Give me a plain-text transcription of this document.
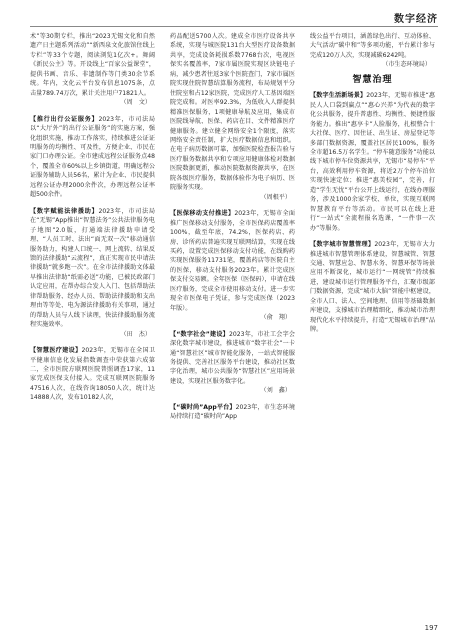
数字经济

术”等30期专栏，推出“2023无锡文化和自然遗产日主题系列活动”“新西泉文化旅馆住线上专栏”等33个专题，阅读浏览1亿次+。舞阔《新民公主》等。开设线上“百家公益课堂”，提供书画、音乐、非遗制作等门类30余节系统。年内，文化云平台发布信息1075条，点击量789.74万次，累计关注用户71821人。

（周　文）

【推行出行公证服务】2023年，市司法局以“大厅外”的出行公证服务”的实施方案，强化组织实施，推动工作落实，持续推进公证证明服务的均衡性、可及性，方便企业、市民在家门口办理公证。全市建成远程公证服务点48个，覆盖全市60%以上乡镇街道，明确远程公证服务辅助人员56名，累计为企业、市民提供远程公证办理2000余件次，办理远程公证率超500余件。

【数字赋能法律援助】2023年，市司法局在“无锡”App推出“智慧法务”公共法律服务电子地图”2.0版，打通端法律援助申请受理、“人员工时、法出“面无双一次”移动通信服务助力，构建人口统一、网上流转、结果反馈的法律援助“云流程”，真正实现市民申请法律援助“就多跑一次”。在全市法律援助文体最早推出法律助“纸需必送”功能，已被民政部门认定应用，在帮办综合发人入门、包括帮助法律帮助服务、经办人员、帮助法律援助和支出理由等等处、电为源法律援助有关事项，通过的帮助人员与人线下读理，快法律援助服务流程实施效率。

（田　杰）

【智慧医疗建设】2023年，无锡市在全国卫平健康信息化发展指数调查中荣获第六成第二，全市医院方联网医院普照调查17家，11家完成医保支付接入。完成互联网医院服务47516人次，在线咨询18050人次，统计达14888人次，发布10182人次，

药品配送5700人次。建成全市医疗设备共享系统，实现与城医院131台大型医疗设备数据共享，完成设备耗损系数7768台次，电视医保实名覆盖率，7家市属医院实现区块链电子病，减少患者往返3家个医院查门，7家市属医院实现住院智慧结算服务流程，布局规划平分住院室和占12家医院，完成医疗人工基因端医院完成和。对医率92.3%，为低收入人群提供精准医保服务，1项健康导航及应用，集成市医院线导航、医保、药店在目、文件精准医疗健康服务。建立健全网络安全1个限度，落实网络安全责任制，扩大医疗数据信息和组织。在电子病历数据可靠，加强医院检查报告验与医疗服务数据共享和专项应用健康体检对数据医院数据更新，推动医院数据资源共享，在医院各级医疗服务，数据体验作为电子病历、医院服务实现。

（周根平）

【医保移动支付推进】2023年，无锡市全面推广医保移动支付服务，全市医保药店覆盖率100%，截至年底，74.2%，医保药店、药房、诊所药店普遍实现互联网结算，实现在线买药，设置完成医保移动支付功能，在线购药实现医保服务11731笔，覆盖药店等医院自主的医保，移动支付服务2023年。累计完成医保支付交易额。全年医保（医保码），申请在线医疗服务，完成全市使用移动支付。进一步实现全市医保电子凭证，参与完成医保（2023年版）。

（俞　翔）

【“数字社会”建设】2023年，市社工会字会深化数字城市建设，推进城市“数字社会”一卡通“智慧社区”城市智能化服务，一站式智能服务提供、完善社区服务平台建设，推动社区数字化治理，城市公共服务“智慧社区”应用场景建设，实现社区服务数字化。

（刘　鑫）

【“碳时尚”App平台】2023年，市生态环境局持续打造“碳时尚”App

线公益平台项目，涵盖绿色出行、互动体验、大气活动“碳中和”等多项功能，平台累计参与完成120万人次，实现减碳6242吨。

（市生态环境局）

智慧治理

【数字生活新场景】2023年，无锡市推进“惠民人人口袋到赢点”“惠心兴养”为代表的数字化公共服务，提升普惠性、均衡性、便捷性服务能力。推出“惠享卡”人脸服务，扎根整合十大社保、医疗、因住证、出生证、房屋登记等多部门数据资源，覆盖社区居民100%，服务全市超16.5万名学生。“停车随意服务”功能以线下城市停车位资源共享，无锡市“易停车”平台，高效利用停车资源，将近2万个停车泊位实现快速定位；推进“惠美校园”，完善，打造“学生无忧”平台公开上线运行，在线办理服务，涉及1000余家学校、单位，实现互联网智慧教育平台等活动。市民可以在线上进行“一站式”全流程报名选课，“一件事一次办”等服务。

【数字城市智慧管理】2023年，无锡市大力推进城市智慧管理体系建设，智慧城管、智慧交通、智慧应急、智慧水务、智慧环保等场景应用不断深化，城市运行“一网统管”持续推进，建设城市运行管理服务平台，汇聚市级部门数据资源，完成“城市大脑”智能中枢建设，全市人口、法人、空间地理、信用等基础数据库建设，支撑城市治理精细化，推动城市治理现代化水平持续提升，打造“无锡城市治理”品牌。

197
